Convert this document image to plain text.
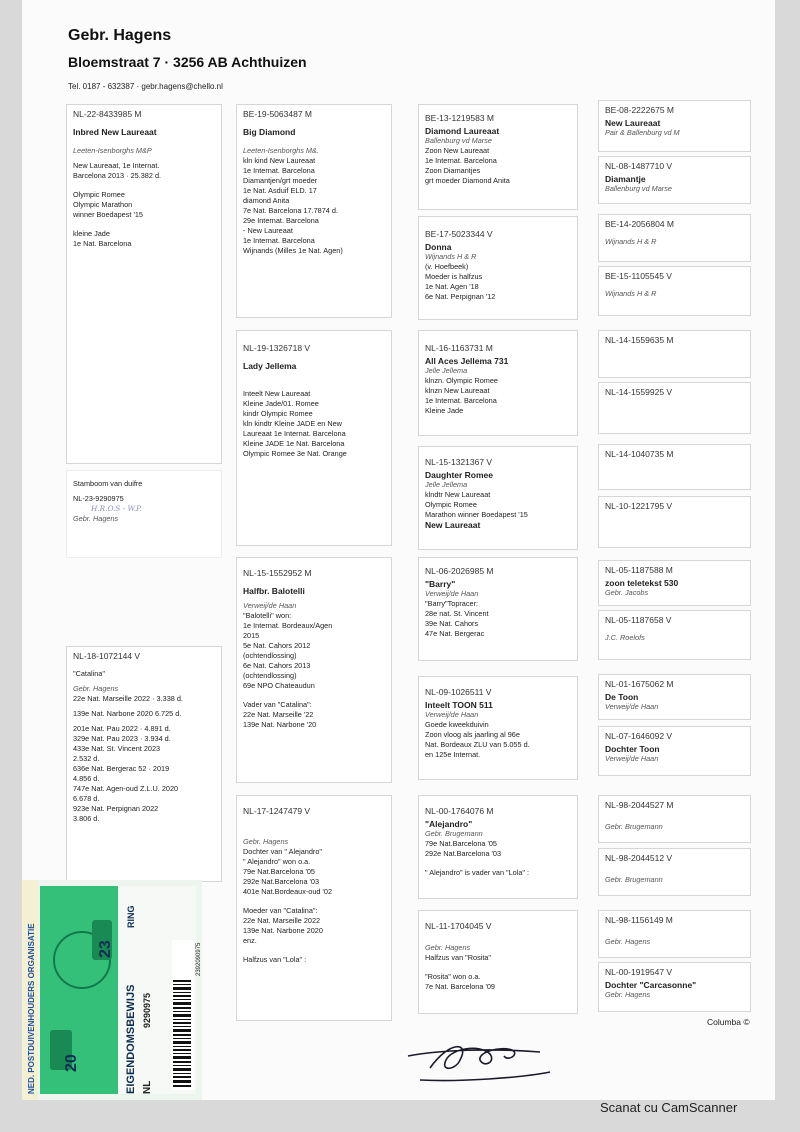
Gebr. Hagens
Bloemstraat 7 · 3256 AB Achthuizen
Tel. 0187 - 632387 · gebr.hagens@chello.nl
NL-22-8433985 M
Inbred New Laureaat
Leeten-Isenborghs M&P
New Laureaat, 1e Internat.
Barcelona 2013 · 25.382 d.
Olympic Romee
Olympic Marathon
winner Boedapest '15
kleine Jade
1e Nat. Barcelona
Stamboom van duifre
NL-23-9290975
H.R.O.S - W.P.
Gebr. Hagens
NL-18-1072144 V
"Catalina"
Gebr. Hagens
22e Nat. Marseille 2022 · 3.338 d.
139e Nat. Narbone 2020 6.725 d.
201e Nat. Pau 2022 · 4.891 d.
329e Nat. Pau 2023 · 3.934 d.
433e Nat. St. Vincent 2023
2.532 d.
636e Nat. Bergerac 52 · 2019
4.856 d.
747e Nat. Agen-oud Z.L.U. 2020
6.678 d.
923e Nat. Perpignan 2022
3.806 d.
BE-19-5063487 M
Big Diamond
Leeten-Isenborghs M&.
kln kind New Laureaat
1e Internat. Barcelona
Diamantjen/grt moeder
1e Nat. Asduif ELD. 17
diamond Anita
7e Nat. Barcelona 17.7874 d.
29e Internat. Barcelona
- New Laureaat
1e Internat. Barcelona
Wijnands (Milles 1e Nat. Agen)
NL-19-1326718 V
Lady Jellema
Inteelt New Laureaat
Kleine Jade/01. Romee
kindr Olympic Romee
kln kindtr Kleine JADE en New
Laureaat 1e Internat. Barcelona
Kleine JADE 1e Nat. Barcelona
Olympic Romee 3e Nat. Orange
NL-15-1552952 M
Halfbr. Balotelli
Verweij/de Haan
"Balotelli" won:
1e Internat. Bordeaux/Agen
2015
5e Nat. Cahors 2012
(ochtendlossing)
6e Nat. Cahors 2013
(ochtendlossing)
69e NPO Chateaudun
Vader van "Catalina":
22e Nat. Marseille '22
139e Nat. Narbone '20
NL-17-1247479 V
Gebr. Hagens
Dochter van " Alejandro"
" Alejandro" won o.a.
79e Nat.Barcelona '05
292e Nat.Barcelona '03
401e Nat.Bordeaux-oud '02
Moeder van "Catalina":
22e Nat. Marseille 2022
139e Nat. Narbone 2020
enz.
Halfzus van "Lola" :
BE-13-1219583 M
Diamond Laureaat
Ballenburg vd Marse
Zoon New Laureaat
1e Internat. Barcelona
Zoon Diamantjes
grt moeder Diamond Anita
BE-17-5023344 V
Donna
Wijnands H & R
(v. Hoefbeek)
Moeder is halfzus
1e Nat. Agen '18
6e Nat. Perpignan '12
NL-16-1163731 M
All Aces Jellema 731
Jelle Jellema
klnzn. Olympic Romee
klnzn New Laureaat
1e Internat. Barcelona
Kleine Jade
NL-15-1321367 V
Daughter Romee
Jelle Jellema
klndtr New Laureaat
Olympic Romee
Marathon winner Boedapest '15
New Laureaat
NL-06-2026985 M
"Barry"
Verweij/de Haan
"Barry"Topracer:
28e nat. St. Vincent
39e Nat. Cahors
47e Nat. Bergerac
NL-09-1026511 V
Inteelt TOON 511
Verweij/de Haan
Goede kweekduivin
Zoon vloog als jaarling al 96e
Nat. Bordeaux ZLU van 5.055 d.
en 125e Internat.
NL-00-1764076 M
"Alejandro"
Gebr. Brugemann
79e Nat.Barcelona '05
292e Nat.Barcelona '03
" Alejandro" is vader van "Lola" :
NL-11-1704045 V
Gebr. Hagens
Halfzus van "Rosita"
"Rosita" won o.a.
7e Nat. Barcelona '09
BE-08-2222675 M
New Laureaat
Pair & Ballenburg vd M
NL-08-1487710 V
Diamantje
Ballenburg vd Marse
BE-14-2056804 M
Wijnands H & R
BE-15-1105545 V
Wijnands H & R
NL-14-1559635 M
NL-14-1559925 V
NL-14-1040735 M
NL-10-1221795 V
NL-05-1187588 M
zoon teletekst 530
Gebr. Jacobs
NL-05-1187658 V
J.C. Roelofs
NL-01-1675062 M
De Toon
Verweij/de Haan
NL-07-1646092 V
Dochter Toon
Verweij/de Haan
NL-98-2044527 M
Gebr. Brugemann
NL-98-2044512 V
Gebr. Brugemann
NL-98-1156149 M
Gebr. Hagens
NL-00-1919547 V
Dochter "Carcasonne"
Gebr. Hagens
Columba ©
NED. POSTDUIVENHOUDERS ORGANISATIE	23
20	EIGENDOMSBEWIJS
RING
NL
9290975
2392090975
Scanat cu CamScanner
